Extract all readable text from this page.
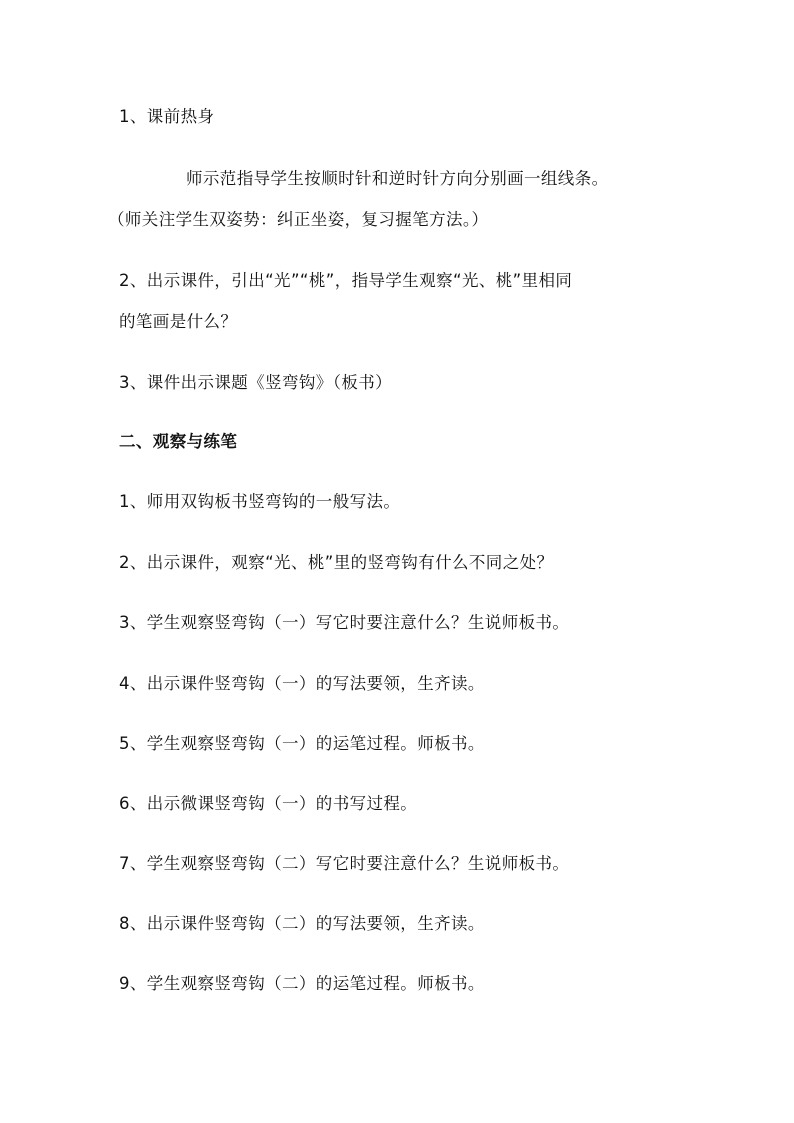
1、课前热身
师示范指导学生按顺时针和逆时针方向分别画一组线条。
（师关注学生双姿势：纠正坐姿，复习握笔方法。）
2、出示课件，引出“光”“桃”，指导学生观察“光、桃”里相同
的笔画是什么？
3、课件出示课题《竖弯钩》（板书）
二、观察与练笔
1、师用双钩板书竖弯钩的一般写法。
2、出示课件，观察“光、桃”里的竖弯钩有什么不同之处？
3、学生观察竖弯钩（一）写它时要注意什么？生说师板书。
4、出示课件竖弯钩（一）的写法要领，生齐读。
5、学生观察竖弯钩（一）的运笔过程。师板书。
6、出示微课竖弯钩（一）的书写过程。
7、学生观察竖弯钩（二）写它时要注意什么？生说师板书。
8、出示课件竖弯钩（二）的写法要领，生齐读。
9、学生观察竖弯钩（二）的运笔过程。师板书。
